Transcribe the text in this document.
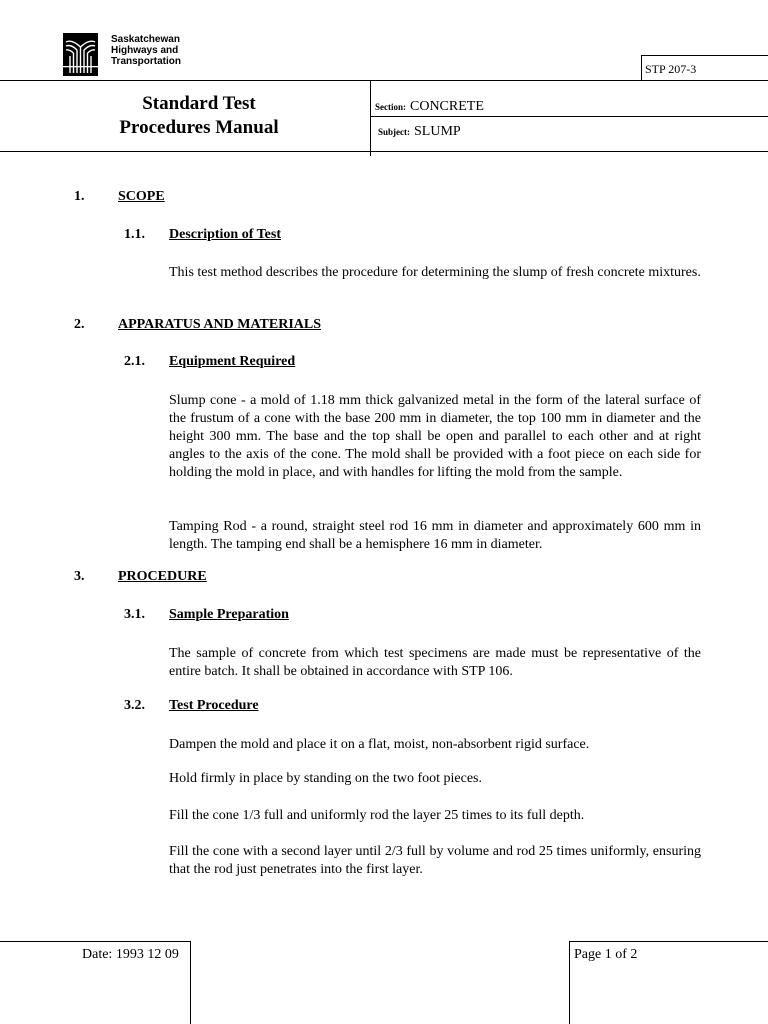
Saskatchewan
Highways and
Transportation
STP 207-3
Standard Test
Procedures Manual
Section: CONCRETE
Subject: SLUMP
1. SCOPE
1.1. Description of Test

This test method describes the procedure for determining the slump of fresh concrete mixtures.

2. APPARATUS AND MATERIALS
2.1. Equipment Required

Slump cone - a mold of 1.18 mm thick galvanized metal in the form of the lateral surface of the frustum of a cone with the base 200 mm in diameter, the top 100 mm in diameter and the height 300 mm. The base and the top shall be open and parallel to each other and at right angles to the axis of the cone. The mold shall be provided with a foot piece on each side for holding the mold in place, and with handles for lifting the mold from the sample.

Tamping Rod - a round, straight steel rod 16 mm in diameter and approximately 600 mm in length. The tamping end shall be a hemisphere 16 mm in diameter.

3. PROCEDURE
3.1. Sample Preparation

The sample of concrete from which test specimens are made must be representative of the entire batch. It shall be obtained in accordance with STP 106.

3.2. Test Procedure

Dampen the mold and place it on a flat, moist, non-absorbent rigid surface.

Hold firmly in place by standing on the two foot pieces.

Fill the cone 1/3 full and uniformly rod the layer 25 times to its full depth.

Fill the cone with a second layer until 2/3 full by volume and rod 25 times uniformly, ensuring that the rod just penetrates into the first layer.

Date: 1993 12 09	Page 1 of 2
